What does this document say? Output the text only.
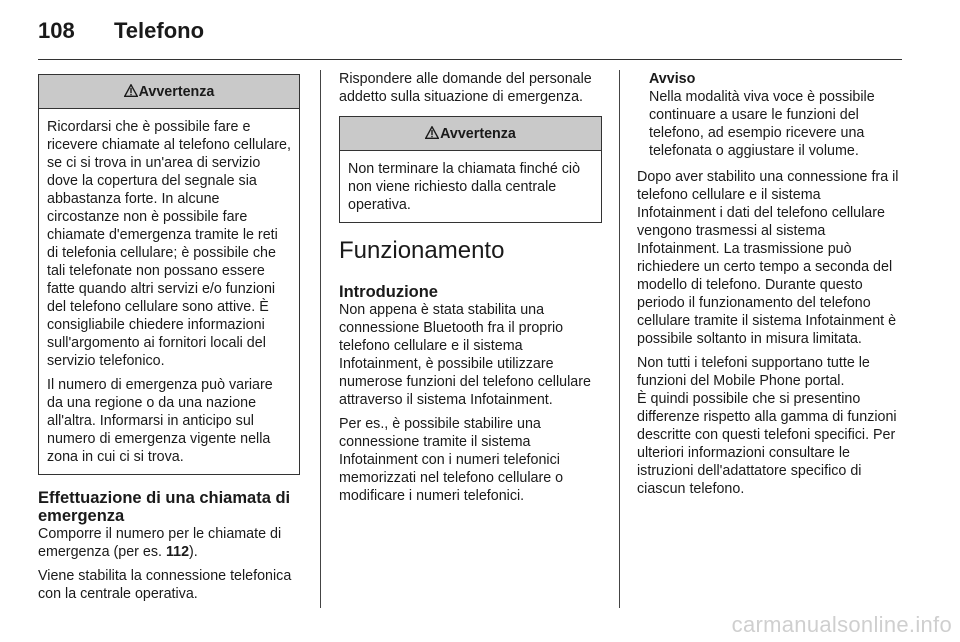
108 Telefono
Avvertenza

Ricordarsi che è possibile fare e ricevere chiamate al telefono cellulare, se ci si trova in un'area di servizio dove la copertura del segnale sia abbastanza forte. In alcune circostanze non è possibile fare chiamate d'emergenza tramite le reti di telefonia cellulare; è possibile che tali telefonate non possano essere fatte quando altri servizi e/o funzioni del telefono cellulare sono attive. È consigliabile chiedere informazioni sull'argomento ai fornitori locali del servizio telefonico.

Il numero di emergenza può variare da una regione o da una nazione all'altra. Informarsi in anticipo sul numero di emergenza vigente nella zona in cui ci si trova.

Effettuazione di una chiamata di emergenza

Comporre il numero per le chiamate di emergenza (per es. 112).

Viene stabilita la connessione telefonica con la centrale operativa.

Rispondere alle domande del personale addetto sulla situazione di emergenza.

Avvertenza

Non terminare la chiamata finché ciò non viene richiesto dalla centrale operativa.

Funzionamento
Introduzione

Non appena è stata stabilita una connessione Bluetooth fra il proprio telefono cellulare e il sistema Infotainment, è possibile utilizzare numerose funzioni del telefono cellulare attraverso il sistema Infotainment.

Per es., è possibile stabilire una connessione tramite il sistema Infotainment con i numeri telefonici memorizzati nel telefono cellulare o modificare i numeri telefonici.

Avviso
Nella modalità viva voce è possibile continuare a usare le funzioni del telefono, ad esempio ricevere una telefonata o aggiustare il volume.

Dopo aver stabilito una connessione fra il telefono cellulare e il sistema Infotainment i dati del telefono cellulare vengono trasmessi al sistema Infotainment. La trasmissione può richiedere un certo tempo a seconda del modello di telefono. Durante questo periodo il funzionamento del telefono cellulare tramite il sistema Infotainment è possibile soltanto in misura limitata.

Non tutti i telefoni supportano tutte le funzioni del Mobile Phone portal.
È quindi possibile che si presentino differenze rispetto alla gamma di funzioni descritte con questi telefoni specifici. Per ulteriori informazioni consultare le istruzioni dell'adattatore specifico di ciascun telefono.

carmanualsonline.info
